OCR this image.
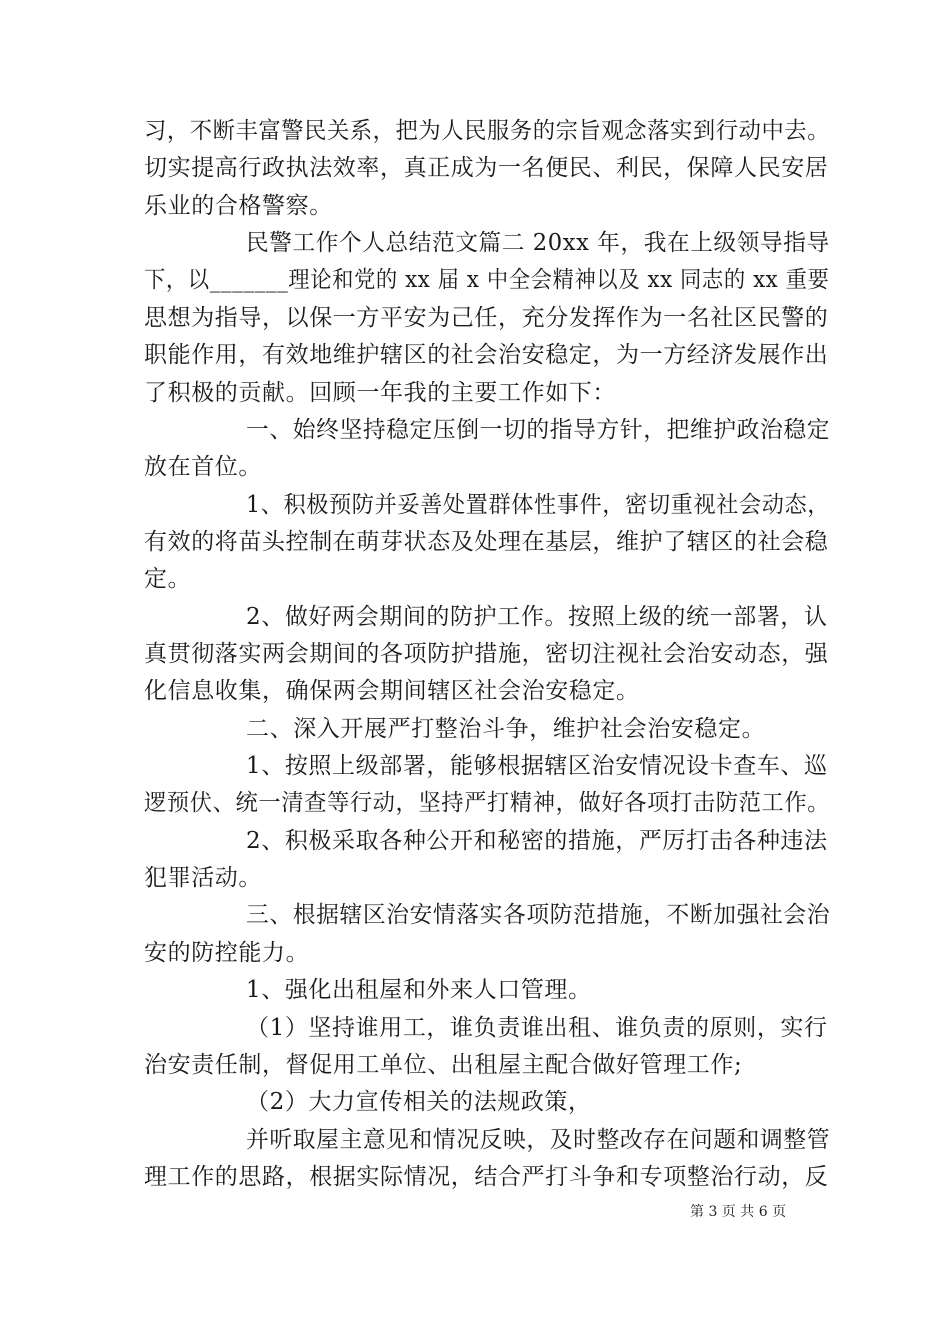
习，不断丰富警民关系，把为人民服务的宗旨观念落实到行动中去。
切实提高行政执法效率，真正成为一名便民、利民，保障人民安居
乐业的合格警察。
民警工作个人总结范文篇二 20xx 年，我在上级领导指导
下，以_______理论和党的 xx 届 x 中全会精神以及 xx 同志的 xx 重要
思想为指导，以保一方平安为己任，充分发挥作为一名社区民警的
职能作用，有效地维护辖区的社会治安稳定，为一方经济发展作出
了积极的贡献。回顾一年我的主要工作如下：
一、始终坚持稳定压倒一切的指导方针，把维护政治稳定
放在首位。
1、积极预防并妥善处置群体性事件，密切重视社会动态，
有效的将苗头控制在萌芽状态及处理在基层，维护了辖区的社会稳
定。
2、做好两会期间的防护工作。按照上级的统一部署，认
真贯彻落实两会期间的各项防护措施，密切注视社会治安动态，强
化信息收集，确保两会期间辖区社会治安稳定。
二、深入开展严打整治斗争，维护社会治安稳定。
1、按照上级部署，能够根据辖区治安情况设卡查车、巡
逻预伏、统一清查等行动，坚持严打精神，做好各项打击防范工作。
2、积极采取各种公开和秘密的措施，严厉打击各种违法
犯罪活动。
三、根据辖区治安情落实各项防范措施，不断加强社会治
安的防控能力。
1、强化出租屋和外来人口管理。
（1）坚持谁用工，谁负责谁出租、谁负责的原则，实行
治安责任制，督促用工单位、出租屋主配合做好管理工作;
（2）大力宣传相关的法规政策，
并听取屋主意见和情况反映，及时整改存在问题和调整管
理工作的思路，根据实际情况，结合严打斗争和专项整治行动，反
第 3 页 共 6 页
